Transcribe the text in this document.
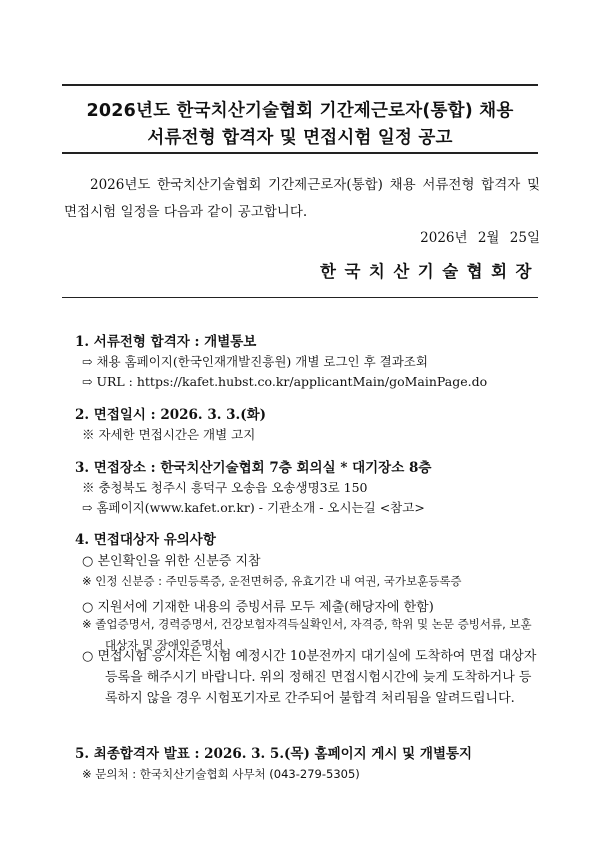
2026년도 한국치산기술협회 기간제근로자(통합) 채용
서류전형 합격자 및 면접시험 일정 공고
2026년도 한국치산기술협회 기간제근로자(통합) 채용 서류전형 합격자 및 면접시험 일정을 다음과 같이 공고합니다.
2026년 2월 25일
한국치산기술협회장
1. 서류전형 합격자 : 개별통보
⇨ 채용 홈페이지(한국인재개발진흥원) 개별 로그인 후 결과조회
⇨ URL : https://kafet.hubst.co.kr/applicantMain/goMainPage.do
2. 면접일시 : 2026. 3. 3.(화)
※ 자세한 면접시간은 개별 고지
3. 면접장소 : 한국치산기술협회 7층 회의실 * 대기장소 8층
※ 충청북도 청주시 흥덕구 오송읍 오송생명3로 150
⇨ 홈페이지(www.kafet.or.kr) - 기관소개 - 오시는길 <참고>
4. 면접대상자 유의사항
○ 본인확인을 위한 신분증 지참
※ 인정 신분증 : 주민등록증, 운전면허증, 유효기간 내 여권, 국가보훈등록증
○ 지원서에 기재한 내용의 증빙서류 모두 제출(해당자에 한함)
※ 졸업증명서, 경력증명서, 건강보험자격득실확인서, 자격증, 학위 및 논문 증빙서류, 보훈대상자 및 장애인증명서
○ 면접시험 응시자는 시험 예정시간 10분전까지 대기실에 도착하여 면접 대상자 등록을 해주시기 바랍니다. 위의 정해진 면접시험시간에 늦게 도착하거나 등록하지 않을 경우 시험포기자로 간주되어 불합격 처리됨을 알려드립니다.
5. 최종합격자 발표 : 2026. 3. 5.(목) 홈페이지 게시 및 개별통지
※ 문의처 : 한국치산기술협회 사무처 (043-279-5305)
